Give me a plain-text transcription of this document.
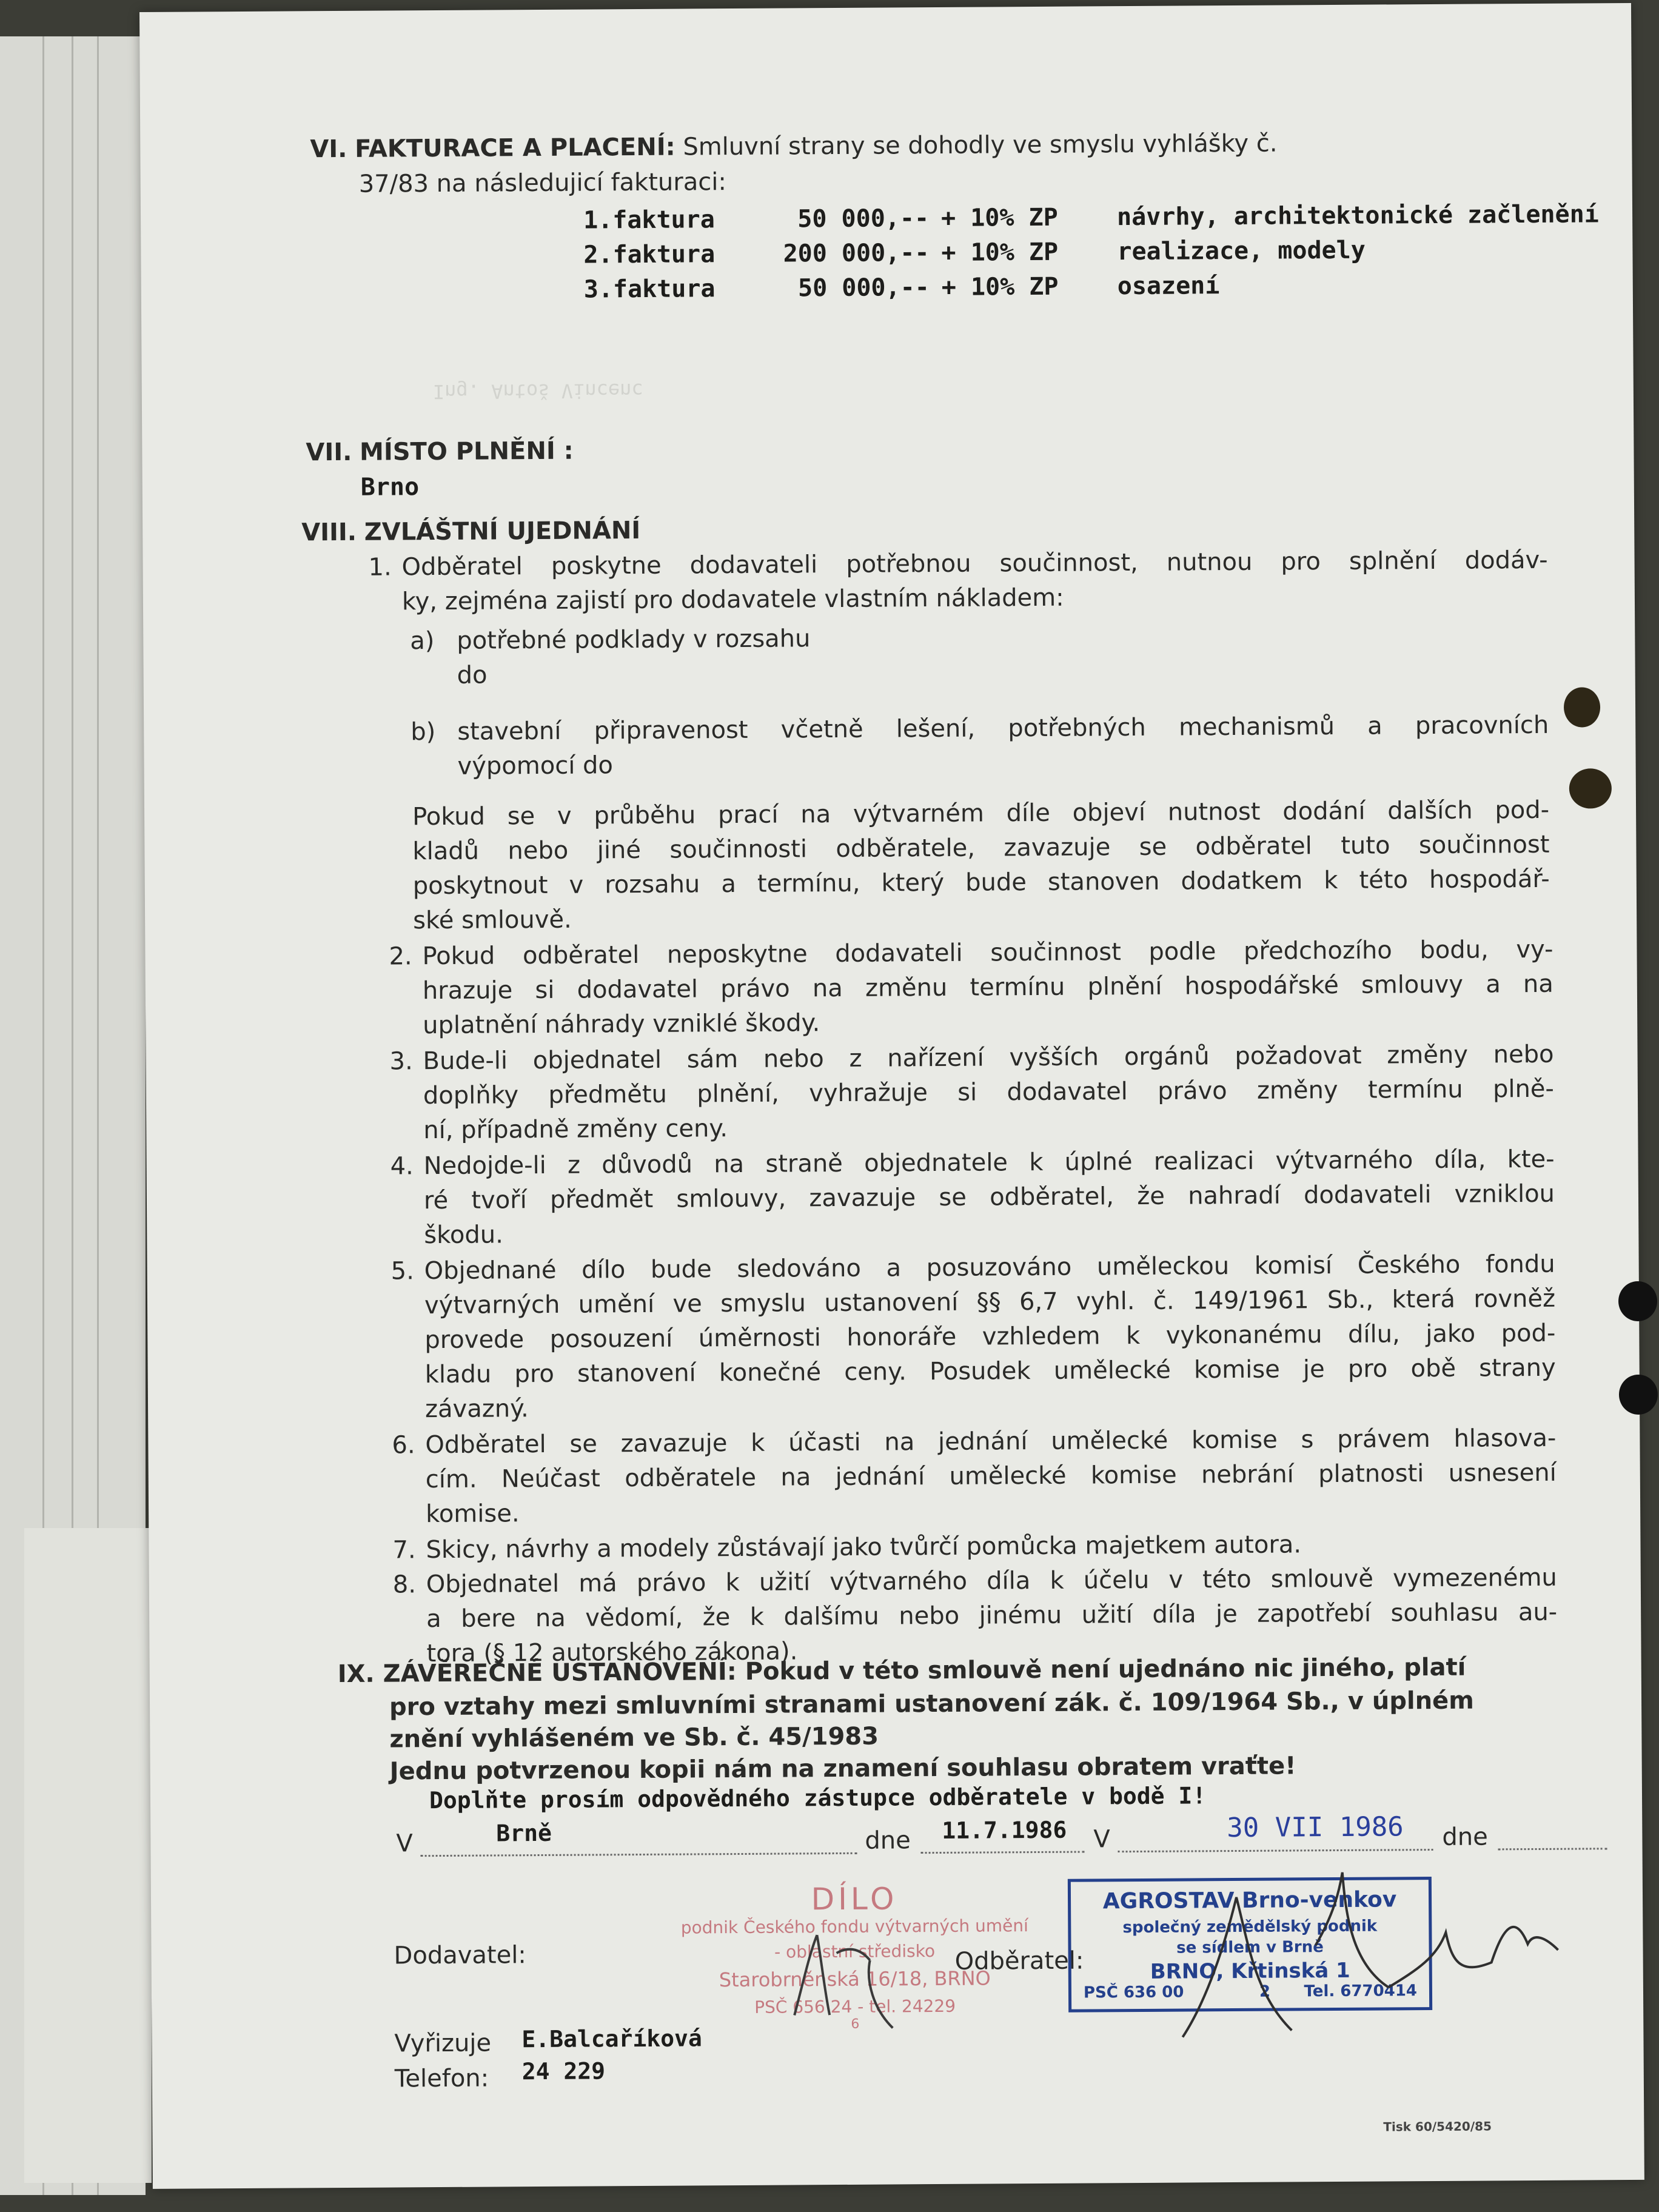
Ing. Antoš Vincenc
VI. FAKTURACE A PLACENÍ: Smluvní strany se dohodly ve smyslu vyhlášky č.
37/83 na následujicí fakturaci:
1.faktura	50 000,-- + 10% ZP návrhy, architektonické začlenění
2.faktura	200 000,-- + 10% ZP realizace, modely
3.faktura	50 000,-- + 10% ZP osazení
VII. MÍSTO PLNĚNÍ :
Brno
VIII. ZVLÁŠTNÍ UJEDNÁNÍ
1. Odběratel poskytne dodavateli potřebnou součinnost, nutnou pro splnění dodáv-
ky, zejména zajistí pro dodavatele vlastním nákladem:
a) potřebné podklady v rozsahu
do
b) stavební připravenost včetně lešení, potřebných mechanismů a pracovních
výpomocí do
Pokud se v průběhu prací na výtvarném díle objeví nutnost dodání dalších pod-
kladů nebo jiné součinnosti odběratele, zavazuje se odběratel tuto součinnost
poskytnout v rozsahu a termínu, který bude stanoven dodatkem k této hospodář-
ské smlouvě.
2. Pokud odběratel neposkytne dodavateli součinnost podle předchozího bodu, vy-
hrazuje si dodavatel právo na změnu termínu plnění hospodářské smlouvy a na
uplatnění náhrady vzniklé škody.
3. Bude-li objednatel sám nebo z nařízení vyšších orgánů požadovat změny nebo
doplňky předmětu plnění, vyhražuje si dodavatel právo změny termínu plně-
ní, případně změny ceny.
4. Nedojde-li z důvodů na straně objednatele k úplné realizaci výtvarného díla, kte-
ré tvoří předmět smlouvy, zavazuje se odběratel, že nahradí dodavateli vzniklou
škodu.
5. Objednané dílo bude sledováno a posuzováno uměleckou komisí Českého fondu
výtvarných umění ve smyslu ustanovení §§ 6,7 vyhl. č. 149/1961 Sb., která rovněž
provede posouzení úměrnosti honoráře vzhledem k vykonanému dílu, jako pod-
kladu pro stanovení konečné ceny. Posudek umělecké komise je pro obě strany
závazný.
6. Odběratel se zavazuje k účasti na jednání umělecké komise s právem hlasova-
cím. Neúčast odběratele na jednání umělecké komise nebrání platnosti usnesení
komise.
7. Skicy, návrhy a modely zůstávají jako tvůrčí pomůcka majetkem autora.
8. Objednatel má právo k užití výtvarného díla k účelu v této smlouvě vymezenému
a bere na vědomí, že k dalšímu nebo jinému užití díla je zapotřebí souhlasu au-
tora (§ 12 autorského zákona).
IX. ZÁVĚREČNÉ USTANOVENÍ: Pokud v této smlouvě není ujednáno nic jiného, platí
pro vztahy mezi smluvními stranami ustanovení zák. č. 109/1964 Sb., v úplném
znění vyhlášeném ve Sb. č. 45/1983
Jednu potvrzenou kopii nám na znamení souhlasu obratem vraťte!
Doplňte prosím odpovědného zástupce odběratele v bodě I!
V	Brně	dne 11.7.1986 V	30 VII 1986 dne
DÍLO
podnik Českého fondu výtvarných umění
- oblastní středisko
Starobrněnská 16/18, BRNO
PSČ 656 24 - tel. 24229
6
Dodavatel:	Odběratel:
AGROSTAV Brno-venkov
společný zemědělský podnik
se sídlem v Brně
BRNO, Křtinská 1
PSČ 636 00	2 Tel. 6770414
Vyřizuje
Telefon:
E.Balcaříková
24 229
Tisk 60/5420/85
